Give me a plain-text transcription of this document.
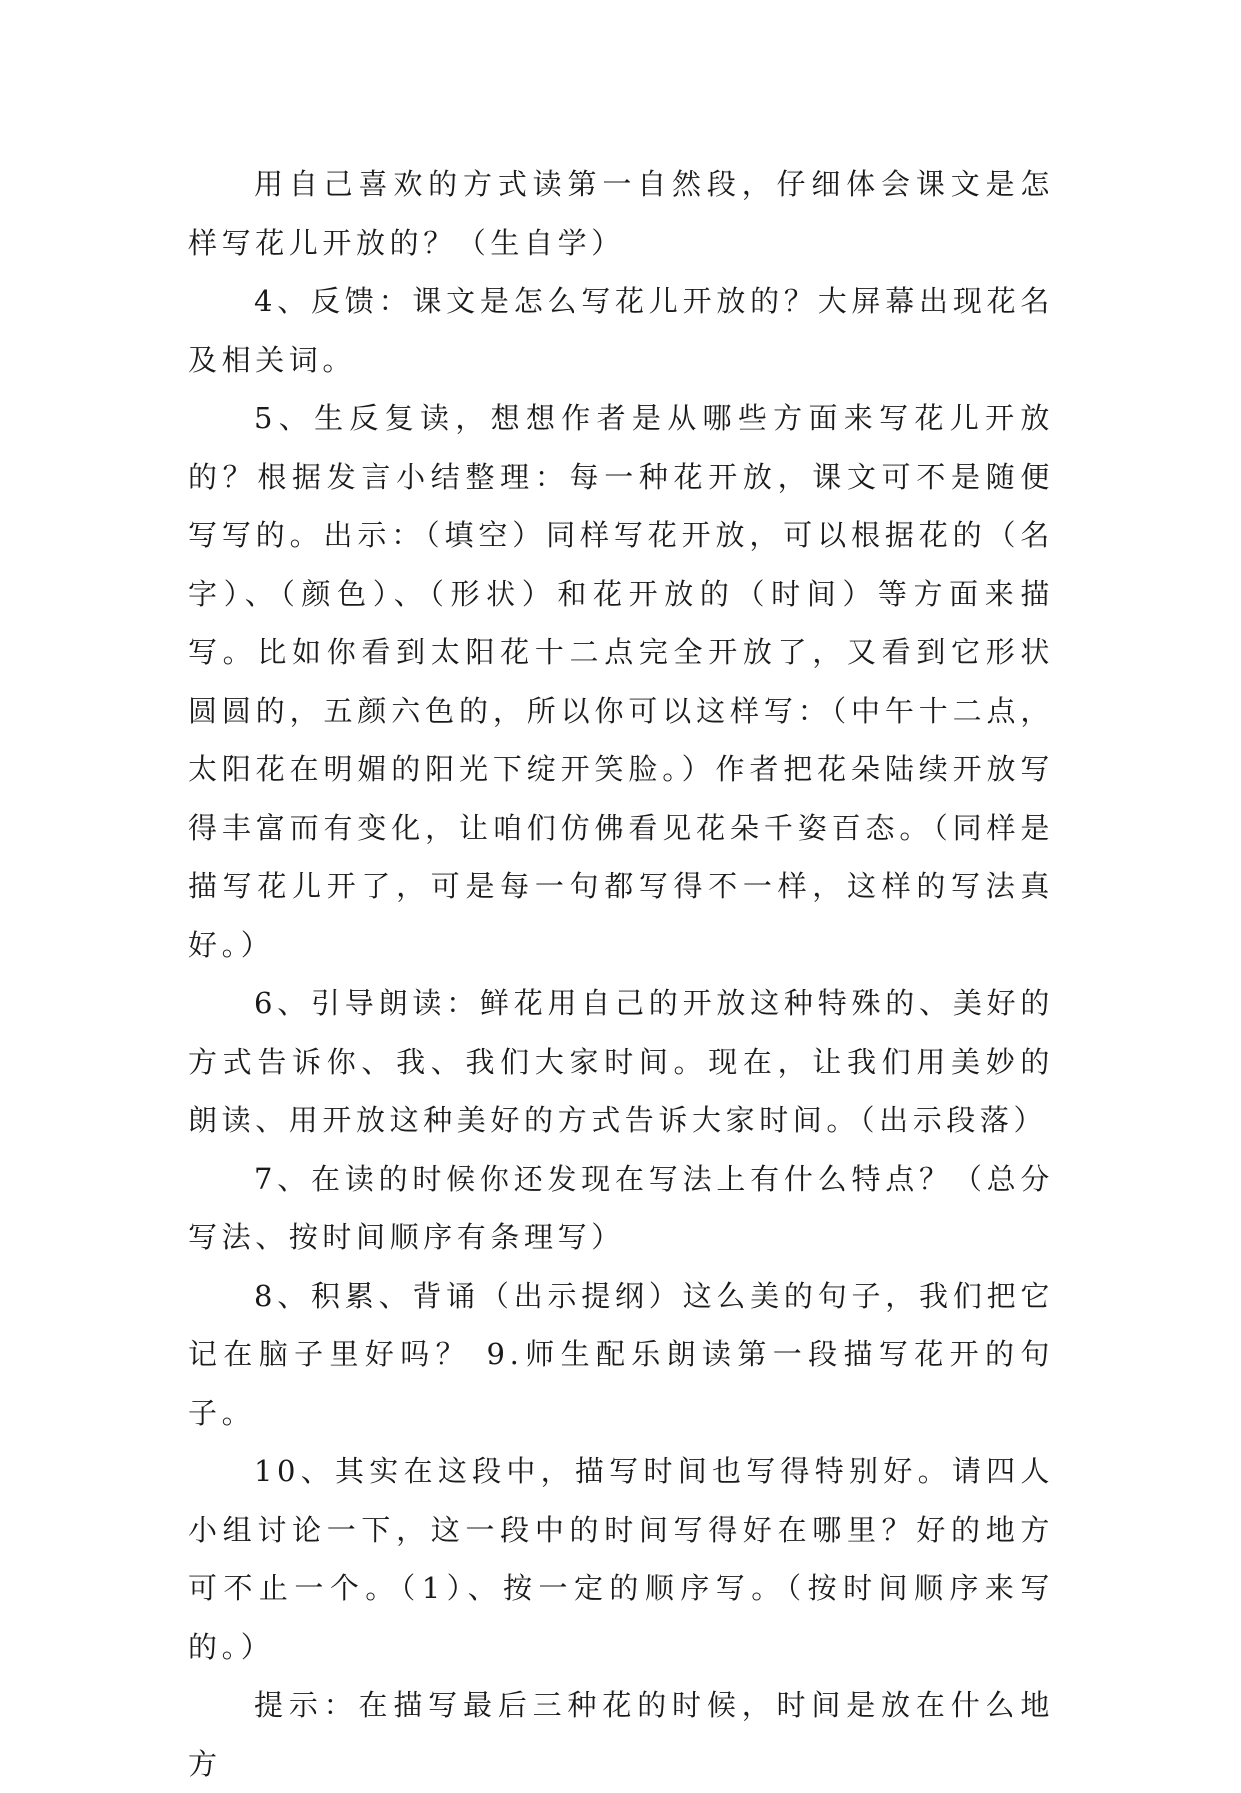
用自己喜欢的方式读第一自然段，仔细体会课文是怎样写花儿开放的？（生自学）

4、反馈：课文是怎么写花儿开放的？大屏幕出现花名及相关词。

5、生反复读，想想作者是从哪些方面来写花儿开放的？根据发言小结整理：每一种花开放，课文可不是随便写写的。出示：（填空）同样写花开放，可以根据花的（名字）、（颜色）、（形状）和花开放的（时间）等方面来描写。比如你看到太阳花十二点完全开放了，又看到它形状圆圆的，五颜六色的，所以你可以这样写：（中午十二点，太阳花在明媚的阳光下绽开笑脸。）作者把花朵陆续开放写得丰富而有变化，让咱们仿佛看见花朵千姿百态。（同样是描写花儿开了，可是每一句都写得不一样，这样的写法真好。）

6、引导朗读：鲜花用自己的开放这种特殊的、美好的方式告诉你、我、我们大家时间。现在，让我们用美妙的朗读、用开放这种美好的方式告诉大家时间。（出示段落）

7、在读的时候你还发现在写法上有什么特点？（总分写法、按时间顺序有条理写）

8、积累、背诵（出示提纲）这么美的句子，我们把它记在脑子里好吗？ 9.师生配乐朗读第一段描写花开的句子。

10、其实在这段中，描写时间也写得特别好。请四人小组讨论一下，这一段中的时间写得好在哪里？好的地方可不止一个。（1）、按一定的顺序写。（按时间顺序来写的。）

提示：在描写最后三种花的时候，时间是放在什么地方
